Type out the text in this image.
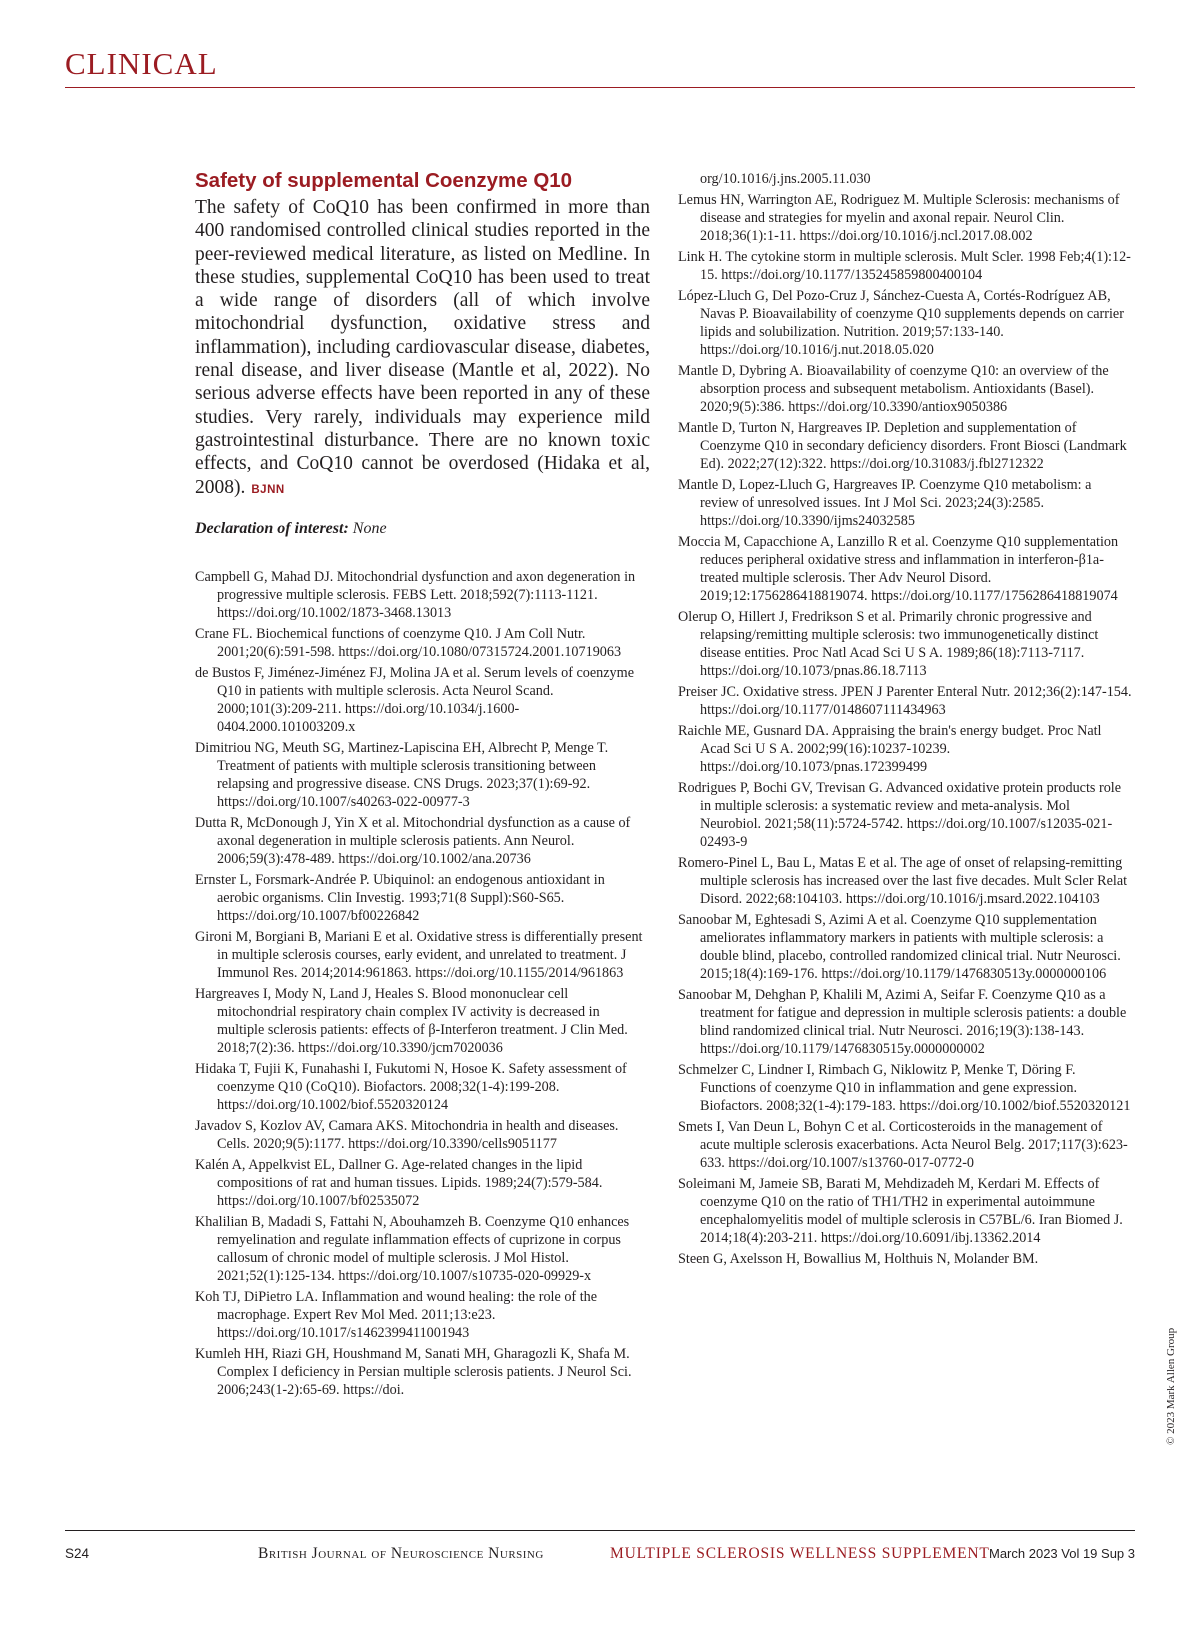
CLINICAL
Safety of supplemental Coenzyme Q10

The safety of CoQ10 has been confirmed in more than 400 randomised controlled clinical studies reported in the peer-reviewed medical literature, as listed on Medline. In these studies, supplemental CoQ10 has been used to treat a wide range of disorders (all of which involve mitochondrial dysfunction, oxidative stress and inflammation), including cardiovascular disease, diabetes, renal disease, and liver disease (Mantle et al, 2022). No serious adverse effects have been reported in any of these studies. Very rarely, individuals may experience mild gastrointestinal disturbance. There are no known toxic effects, and CoQ10 cannot be overdosed (Hidaka et al, 2008). BJNN

Declaration of interest: None

Campbell G, Mahad DJ. Mitochondrial dysfunction and axon degeneration in progressive multiple sclerosis. FEBS Lett. 2018;592(7):1113-1121. https://doi.org/10.1002/1873-3468.13013
Crane FL. Biochemical functions of coenzyme Q10. J Am Coll Nutr. 2001;20(6):591-598. https://doi.org/10.1080/07315724.2001.10719063
de Bustos F, Jiménez-Jiménez FJ, Molina JA et al. Serum levels of coenzyme Q10 in patients with multiple sclerosis. Acta Neurol Scand. 2000;101(3):209-211. https://doi.org/10.1034/j.1600-0404.2000.101003209.x
Dimitriou NG, Meuth SG, Martinez-Lapiscina EH, Albrecht P, Menge T. Treatment of patients with multiple sclerosis transitioning between relapsing and progressive disease. CNS Drugs. 2023;37(1):69-92. https://doi.org/10.1007/s40263-022-00977-3
Dutta R, McDonough J, Yin X et al. Mitochondrial dysfunction as a cause of axonal degeneration in multiple sclerosis patients. Ann Neurol. 2006;59(3):478-489. https://doi.org/10.1002/ana.20736
Ernster L, Forsmark-Andrée P. Ubiquinol: an endogenous antioxidant in aerobic organisms. Clin Investig. 1993;71(8 Suppl):S60-S65. https://doi.org/10.1007/bf00226842
Gironi M, Borgiani B, Mariani E et al. Oxidative stress is differentially present in multiple sclerosis courses, early evident, and unrelated to treatment. J Immunol Res. 2014;2014:961863. https://doi.org/10.1155/2014/961863
Hargreaves I, Mody N, Land J, Heales S. Blood mononuclear cell mitochondrial respiratory chain complex IV activity is decreased in multiple sclerosis patients: effects of β-Interferon treatment. J Clin Med. 2018;7(2):36. https://doi.org/10.3390/jcm7020036
Hidaka T, Fujii K, Funahashi I, Fukutomi N, Hosoe K. Safety assessment of coenzyme Q10 (CoQ10). Biofactors. 2008;32(1-4):199-208. https://doi.org/10.1002/biof.5520320124
Javadov S, Kozlov AV, Camara AKS. Mitochondria in health and diseases. Cells. 2020;9(5):1177. https://doi.org/10.3390/cells9051177
Kalén A, Appelkvist EL, Dallner G. Age-related changes in the lipid compositions of rat and human tissues. Lipids. 1989;24(7):579-584. https://doi.org/10.1007/bf02535072
Khalilian B, Madadi S, Fattahi N, Abouhamzeh B. Coenzyme Q10 enhances remyelination and regulate inflammation effects of cuprizone in corpus callosum of chronic model of multiple sclerosis. J Mol Histol. 2021;52(1):125-134. https://doi.org/10.1007/s10735-020-09929-x
Koh TJ, DiPietro LA. Inflammation and wound healing: the role of the macrophage. Expert Rev Mol Med. 2011;13:e23. https://doi.org/10.1017/s1462399411001943
Kumleh HH, Riazi GH, Houshmand M, Sanati MH, Gharagozli K, Shafa M. Complex I deficiency in Persian multiple sclerosis patients. J Neurol Sci. 2006;243(1-2):65-69. https://doi.
org/10.1016/j.jns.2005.11.030
Lemus HN, Warrington AE, Rodriguez M. Multiple Sclerosis: mechanisms of disease and strategies for myelin and axonal repair. Neurol Clin. 2018;36(1):1-11. https://doi.org/10.1016/j.ncl.2017.08.002
Link H. The cytokine storm in multiple sclerosis. Mult Scler. 1998 Feb;4(1):12-15. https://doi.org/10.1177/135245859800400104
López-Lluch G, Del Pozo-Cruz J, Sánchez-Cuesta A, Cortés-Rodríguez AB, Navas P. Bioavailability of coenzyme Q10 supplements depends on carrier lipids and solubilization. Nutrition. 2019;57:133-140. https://doi.org/10.1016/j.nut.2018.05.020
Mantle D, Dybring A. Bioavailability of coenzyme Q10: an overview of the absorption process and subsequent metabolism. Antioxidants (Basel). 2020;9(5):386. https://doi.org/10.3390/antiox9050386
Mantle D, Turton N, Hargreaves IP. Depletion and supplementation of Coenzyme Q10 in secondary deficiency disorders. Front Biosci (Landmark Ed). 2022;27(12):322. https://doi.org/10.31083/j.fbl2712322
Mantle D, Lopez-Lluch G, Hargreaves IP. Coenzyme Q10 metabolism: a review of unresolved issues. Int J Mol Sci. 2023;24(3):2585. https://doi.org/10.3390/ijms24032585
Moccia M, Capacchione A, Lanzillo R et al. Coenzyme Q10 supplementation reduces peripheral oxidative stress and inflammation in interferon-β1a-treated multiple sclerosis. Ther Adv Neurol Disord. 2019;12:1756286418819074. https://doi.org/10.1177/1756286418819074
Olerup O, Hillert J, Fredrikson S et al. Primarily chronic progressive and relapsing/remitting multiple sclerosis: two immunogenetically distinct disease entities. Proc Natl Acad Sci U S A. 1989;86(18):7113-7117. https://doi.org/10.1073/pnas.86.18.7113
Preiser JC. Oxidative stress. JPEN J Parenter Enteral Nutr. 2012;36(2):147-154. https://doi.org/10.1177/0148607111434963
Raichle ME, Gusnard DA. Appraising the brain's energy budget. Proc Natl Acad Sci U S A. 2002;99(16):10237-10239. https://doi.org/10.1073/pnas.172399499
Rodrigues P, Bochi GV, Trevisan G. Advanced oxidative protein products role in multiple sclerosis: a systematic review and meta-analysis. Mol Neurobiol. 2021;58(11):5724-5742. https://doi.org/10.1007/s12035-021-02493-9
Romero-Pinel L, Bau L, Matas E et al. The age of onset of relapsing-remitting multiple sclerosis has increased over the last five decades. Mult Scler Relat Disord. 2022;68:104103. https://doi.org/10.1016/j.msard.2022.104103
Sanoobar M, Eghtesadi S, Azimi A et al. Coenzyme Q10 supplementation ameliorates inflammatory markers in patients with multiple sclerosis: a double blind, placebo, controlled randomized clinical trial. Nutr Neurosci. 2015;18(4):169-176. https://doi.org/10.1179/1476830513y.0000000106
Sanoobar M, Dehghan P, Khalili M, Azimi A, Seifar F. Coenzyme Q10 as a treatment for fatigue and depression in multiple sclerosis patients: a double blind randomized clinical trial. Nutr Neurosci. 2016;19(3):138-143. https://doi.org/10.1179/1476830515y.0000000002
Schmelzer C, Lindner I, Rimbach G, Niklowitz P, Menke T, Döring F. Functions of coenzyme Q10 in inflammation and gene expression. Biofactors. 2008;32(1-4):179-183. https://doi.org/10.1002/biof.5520320121
Smets I, Van Deun L, Bohyn C et al. Corticosteroids in the management of acute multiple sclerosis exacerbations. Acta Neurol Belg. 2017;117(3):623-633. https://doi.org/10.1007/s13760-017-0772-0
Soleimani M, Jameie SB, Barati M, Mehdizadeh M, Kerdari M. Effects of coenzyme Q10 on the ratio of TH1/TH2 in experimental autoimmune encephalomyelitis model of multiple sclerosis in C57BL/6. Iran Biomed J. 2014;18(4):203-211. https://doi.org/10.6091/ibj.13362.2014
Steen G, Axelsson H, Bowallius M, Holthuis N, Molander BM.
© 2023 Mark Allen Group
S24	British Journal of Neuroscience Nursing	MULTIPLE SCLEROSIS WELLNESS SUPPLEMENT March 2023 Vol 19 Sup 3
